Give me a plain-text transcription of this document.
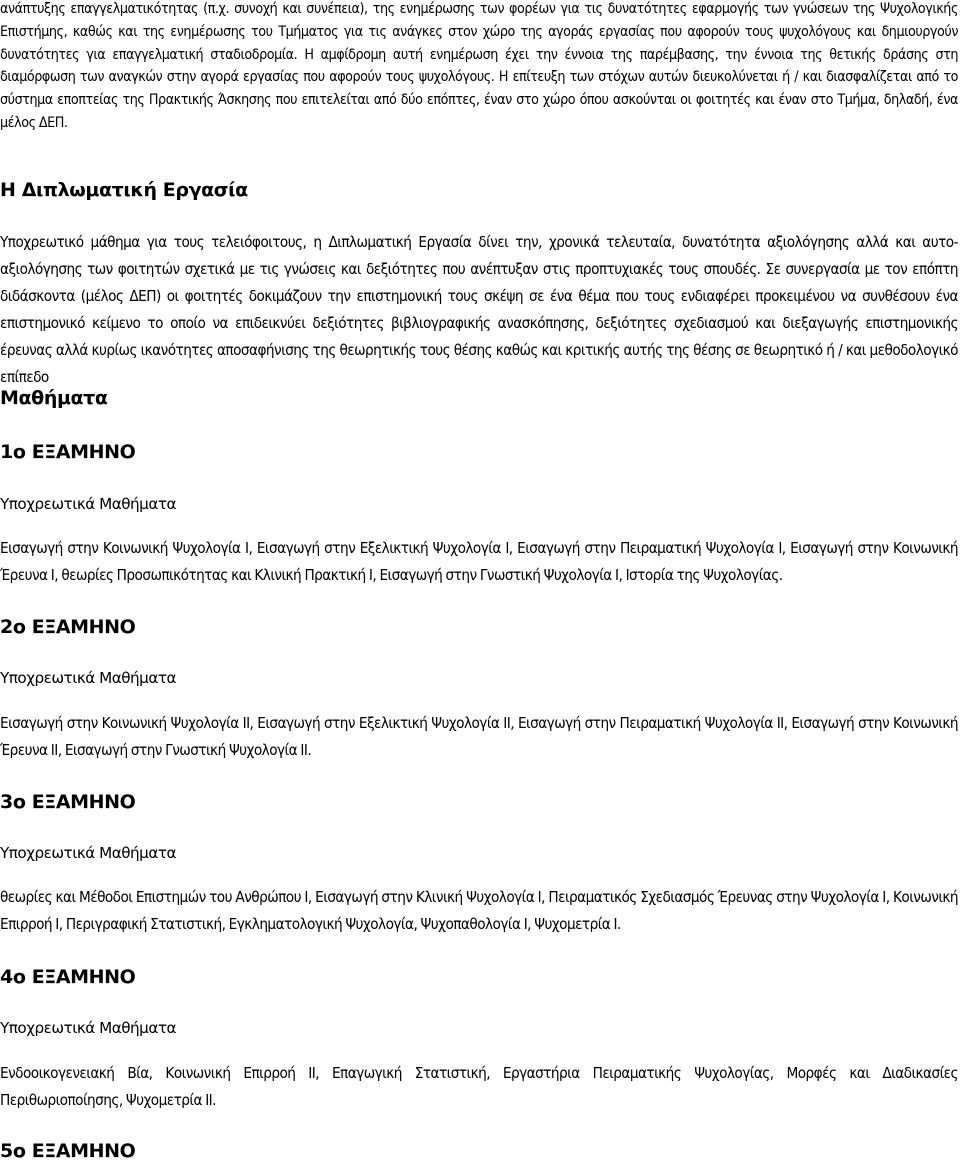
ανάπτυξης επαγγελματικότητας (π.χ. συνοχή και συνέπεια), της ενημέρωσης των φορέων για τις δυνατότητες εφαρμογής των γνώσεων της Ψυχολογικής Επιστήμης, καθώς και της ενημέρωσης του Τμήματος για τις ανάγκες στον χώρο της αγοράς εργασίας που αφορούν τους ψυχολόγους και δημιουργούν δυνατότητες για επαγγελματική σταδιοδρομία. Η αμφίδρομη αυτή ενημέρωση έχει την έννοια της παρέμβασης, την έννοια της θετικής δράσης στη διαμόρφωση των αναγκών στην αγορά εργασίας που αφορούν τους ψυχολόγους. Η επίτευξη των στόχων αυτών διευκολύνεται ή / και διασφαλίζεται από το σύστημα εποπτείας της Πρακτικής Άσκησης που επιτελείται από δύο επόπτες, έναν στο χώρο όπου ασκούνται οι φοιτητές και έναν στο Τμήμα, δηλαδή, ένα μέλος ΔΕΠ.

Η Διπλωματική Εργασία

Υποχρεωτικό μάθημα για τους τελειόφοιτους, η Διπλωματική Εργασία δίνει την, χρονικά τελευταία, δυνατότητα αξιολόγησης αλλά και αυτο-αξιολόγησης των φοιτητών σχετικά με τις γνώσεις και δεξιότητες που ανέπτυξαν στις προπτυχιακές τους σπουδές. Σε συνεργασία με τον επόπτη διδάσκοντα (μέλος ΔΕΠ) οι φοιτητές δοκιμάζουν την επιστημονική τους σκέψη σε ένα θέμα που τους ενδιαφέρει προκειμένου να συνθέσουν ένα επιστημονικό κείμενο το οποίο να επιδεικνύει δεξιότητες βιβλιογραφικής ανασκόπησης, δεξιότητες σχεδιασμού και διεξαγωγής επιστημονικής έρευνας αλλά κυρίως ικανότητες αποσαφήνισης της θεωρητικής τους θέσης καθώς και κριτικής αυτής της θέσης σε θεωρητικό ή / και μεθοδολογικό επίπεδο

Μαθήματα
1ο ΕΞΑΜΗΝΟ
Υποχρεωτικά Μαθήματα

Εισαγωγή στην Κοινωνική Ψυχολογία Ι, Εισαγωγή στην Εξελικτική Ψυχολογία Ι, Εισαγωγή στην Πειραματική Ψυχολογία Ι, Εισαγωγή στην Κοινωνική Έρευνα Ι, θεωρίες Προσωπικότητας και Κλινική Πρακτική Ι, Εισαγωγή στην Γνωστική Ψυχολογία Ι, Ιστορία της Ψυχολογίας.

2ο ΕΞΑΜΗΝΟ
Υποχρεωτικά Μαθήματα

Εισαγωγή στην Κοινωνική Ψυχολογία ΙΙ, Εισαγωγή στην Εξελικτική Ψυχολογία ΙΙ, Εισαγωγή στην Πειραματική Ψυχολογία ΙΙ, Εισαγωγή στην Κοινωνική Έρευνα ΙΙ, Εισαγωγή στην Γνωστική Ψυχολογία ΙΙ.

3ο ΕΞΑΜΗΝΟ
Υποχρεωτικά Μαθήματα

θεωρίες και Μέθοδοι Επιστημών του Ανθρώπου Ι, Εισαγωγή στην Κλινική Ψυχολογία Ι, Πειραματικός Σχεδιασμός Έρευνας στην Ψυχολογία Ι, Κοινωνική Επιρροή Ι, Περιγραφική Στατιστική, Εγκληματολογική Ψυχολογία, Ψυχοπαθολογία Ι, Ψυχομετρία Ι.

4ο ΕΞΑΜΗΝΟ
Υποχρεωτικά Μαθήματα

Ενδοοικογενειακή Βία, Κοινωνική Επιρροή ΙΙ, Επαγωγική Στατιστική, Εργαστήρια Πειραματικής Ψυχολογίας, Μορφές και Διαδικασίες Περιθωριοποίησης, Ψυχομετρία ΙΙ.

5ο ΕΞΑΜΗΝΟ
